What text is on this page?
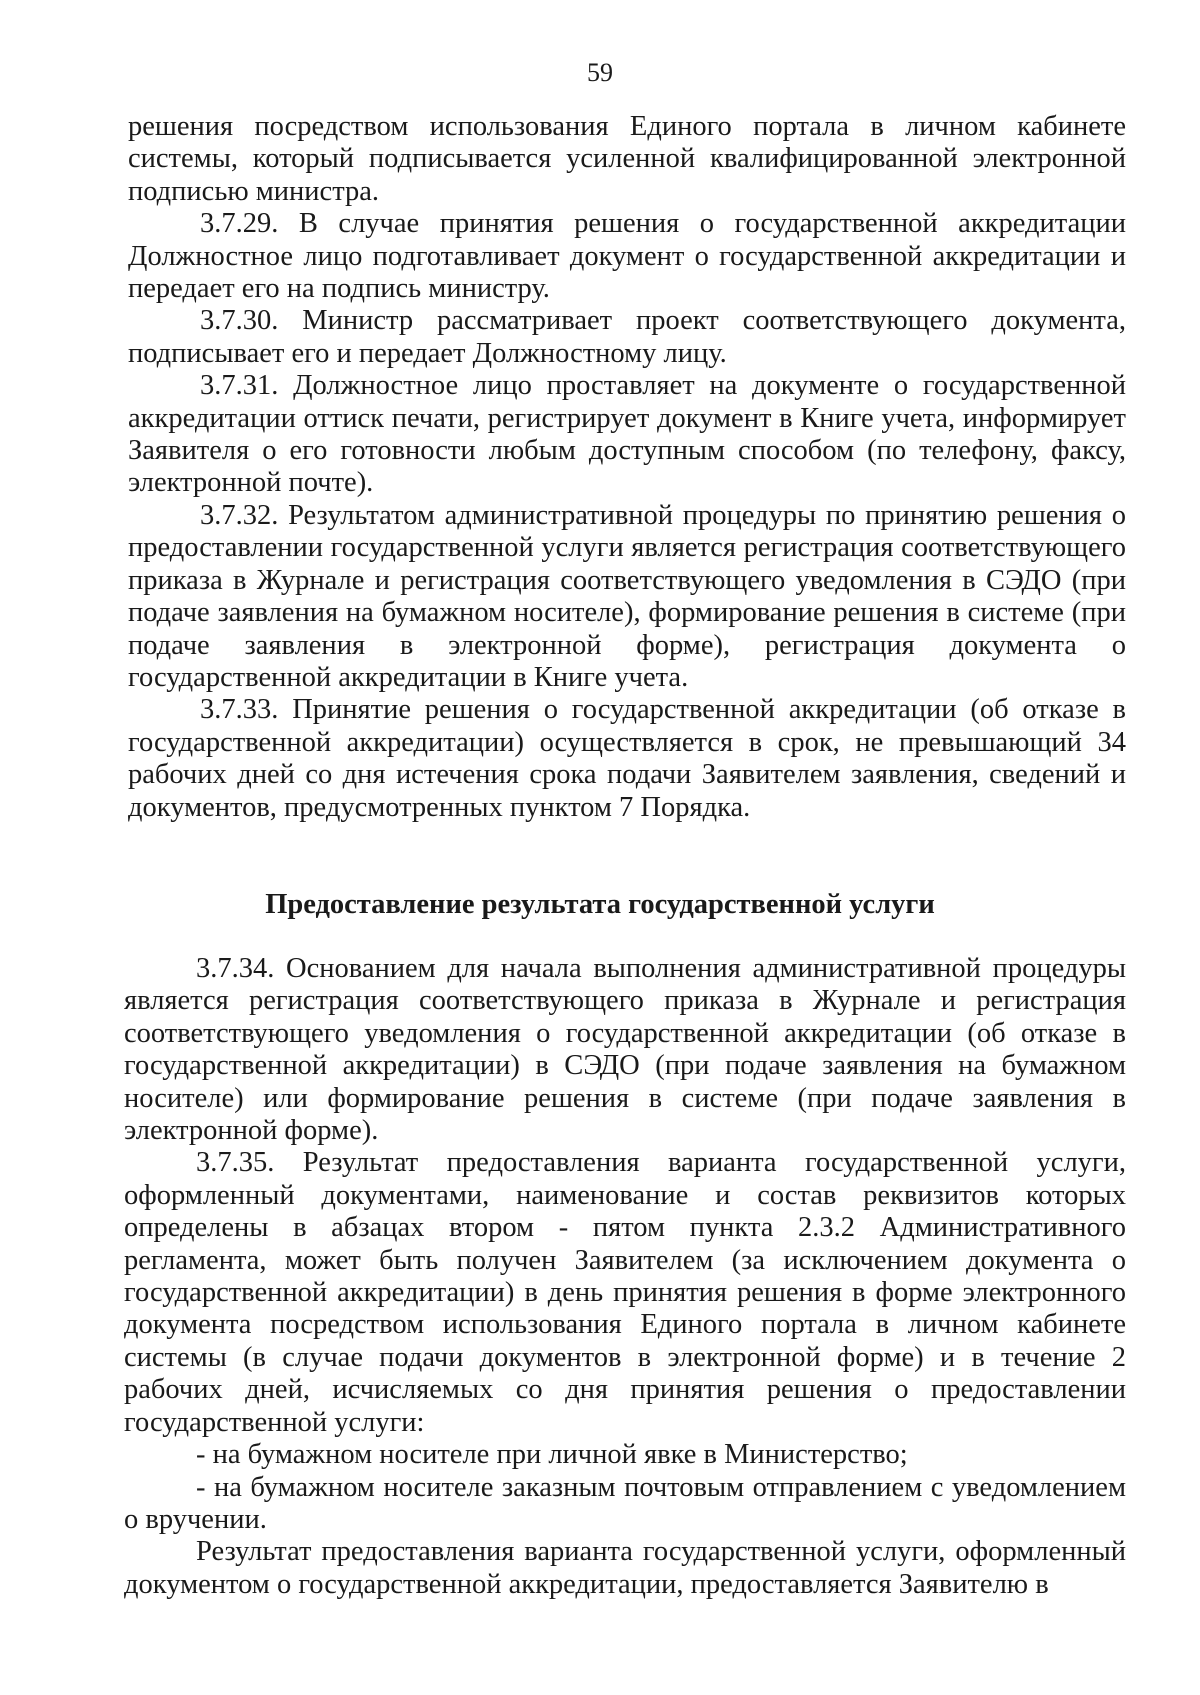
59

решения посредством использования Единого портала в личном кабинете системы, который подписывается усиленной квалифицированной электронной подписью министра.

3.7.29. В случае принятия решения о государственной аккредитации Должностное лицо подготавливает документ о государственной аккредитации и передает его на подпись министру.

3.7.30. Министр рассматривает проект соответствующего документа, подписывает его и передает Должностному лицу.

3.7.31. Должностное лицо проставляет на документе о государственной аккредитации оттиск печати, регистрирует документ в Книге учета, информирует Заявителя о его готовности любым доступным способом (по телефону, факсу, электронной почте).

3.7.32. Результатом административной процедуры по принятию решения о предоставлении государственной услуги является регистрация соответствующего приказа в Журнале и регистрация соответствующего уведомления в СЭДО (при подаче заявления на бумажном носителе), формирование решения в системе (при подаче заявления в электронной форме), регистрация документа о государственной аккредитации в Книге учета.

3.7.33. Принятие решения о государственной аккредитации (об отказе в государственной аккредитации) осуществляется в срок, не превышающий 34 рабочих дней со дня истечения срока подачи Заявителем заявления, сведений и документов, предусмотренных пунктом 7 Порядка.

Предоставление результата государственной услуги

3.7.34. Основанием для начала выполнения административной процедуры является регистрация соответствующего приказа в Журнале и регистрация соответствующего уведомления о государственной аккредитации (об отказе в государственной аккредитации) в СЭДО (при подаче заявления на бумажном носителе) или формирование решения в системе (при подаче заявления в электронной форме).

3.7.35. Результат предоставления варианта государственной услуги, оформленный документами, наименование и состав реквизитов которых определены в абзацах втором - пятом пункта 2.3.2 Административного регламента, может быть получен Заявителем (за исключением документа о государственной аккредитации) в день принятия решения в форме электронного документа посредством использования Единого портала в личном кабинете системы (в случае подачи документов в электронной форме) и в течение 2 рабочих дней, исчисляемых со дня принятия решения о предоставлении государственной услуги:

- на бумажном носителе при личной явке в Министерство;

- на бумажном носителе заказным почтовым отправлением с уведомлением о вручении.

Результат предоставления варианта государственной услуги, оформленный документом о государственной аккредитации, предоставляется Заявителю в
